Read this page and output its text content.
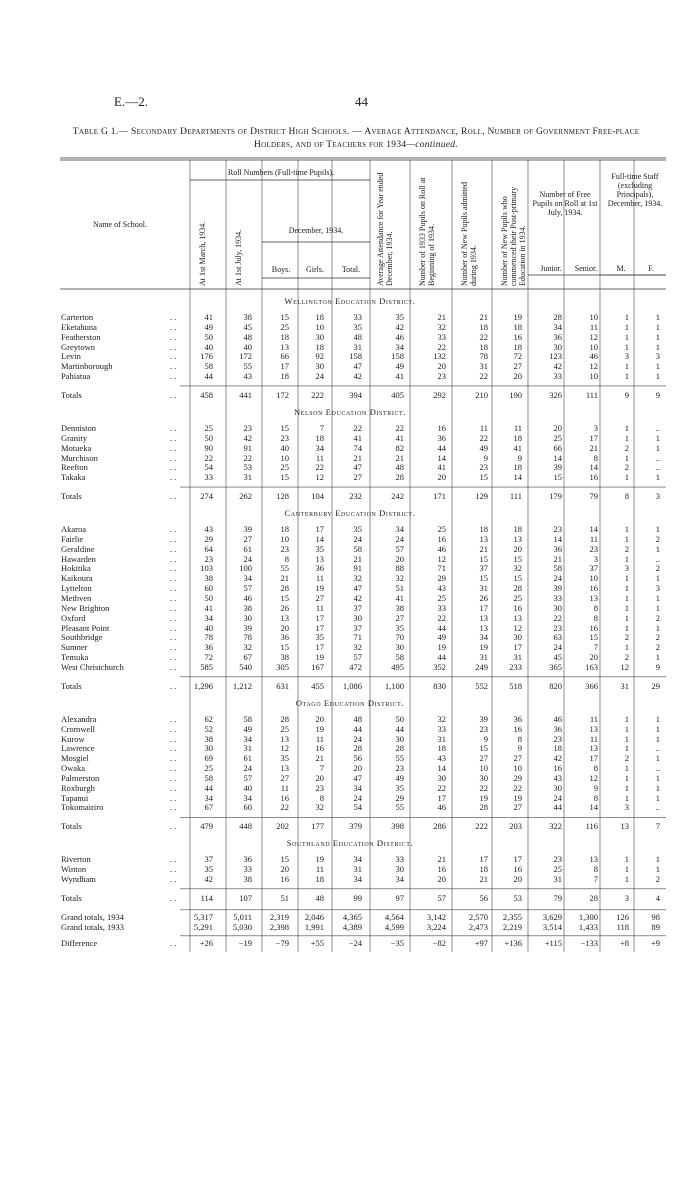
E.—2.	44
Table G 1.— Secondary Departments of District High Schools. — Average Attendance, Roll, Number of Government Free-place Holders, and of Teachers for 1934—continued.
Name of School.
Roll Numbers (Full-time Pupils).
At 1st March, 1934.	At 1st July, 1934.	December, 1934.
Boys.	Girls.	Total.	Average Attendance for Year ended December, 1934.	Number of 1933 Pupils on Roll at Beginning of 1934.	Number of New Pupils admitted during 1934.	Number of New Pupils who commenced their Post-primary Education in 1934.
Number of Free Pupils on Roll at 1st July, 1934.
Junior.	Senior.
Full-time Staff (excluding Principals), December, 1934.
M.	F.
Wellington Education District.
Carterton	..	41	38	15	18	33	35	21	21	19	28	10	1	1
Eketahuna	..	49	45	25	10	35	42	32	18	18	34	11	1	1
Featherston	..	50	48	18	30	48	46	33	22	16	36	12	1	1
Greytown	..	40	40	13	18	31	34	22	18	18	30	10	1	1
Levin	..	176	172	66	92	158	158	132	78	72	123	46	3	3
Martinborough	..	58	55	17	30	47	49	20	31	27	42	12	1	1
Pahiatua	..	44	43	18	24	42	41	23	22	20	33	10	1	1
Totals	..	458	441	172	222	394	405	292	210	190	326	111	9	9
Nelson Education District.
Denniston	..	25	23	15	7	22	22	16	11	11	20	3	1	..
Granity	..	50	42	23	18	41	41	36	22	18	25	17	1	1
Motueka	..	90	91	40	34	74	82	44	49	41	66	21	2	1
Murchison	..	22	22	10	11	21	21	14	9	9	14	8	1	..
Reefton	..	54	53	25	22	47	48	41	23	18	39	14	2	..
Takaka	..	33	31	15	12	27	28	20	15	14	15	16	1	1
Totals	..	274	262	128	104	232	242	171	129	111	179	79	8	3
Canterbury Education District.
Akaroa	..	43	39	18	17	35	34	25	18	18	23	14	1	1
Fairlie	..	29	27	10	14	24	24	16	13	13	14	11	1	2
Geraldine	..	64	61	23	35	58	57	46	21	20	36	23	2	1
Hawarden	..	23	24	8	13	21	20	12	15	15	21	3	1	..
Hokitika	..	103	100	55	36	91	88	71	37	32	58	37	3	2
Kaikoura	..	38	34	21	11	32	32	29	15	15	24	10	1	1
Lyttelton	..	60	57	28	19	47	51	43	31	28	39	16	1	3
Methven	..	50	46	15	27	42	41	25	26	25	33	13	1	1
New Brighton	..	41	38	26	11	37	38	33	17	16	30	8	1	1
Oxford	..	34	30	13	17	30	27	22	13	13	22	8	1	2
Pleasant Point	..	40	39	20	17	37	35	44	13	12	23	16	1	1
Southbridge	..	78	78	36	35	71	70	49	34	30	63	15	2	2
Sumner	..	36	32	15	17	32	30	19	19	17	24	7	1	2
Temuka	..	72	67	38	19	57	58	44	31	31	45	20	2	1
West Christchurch	..	585	540	305	167	472	495	352	249	233	365	163	12	9
Totals	.. 1,296 1,212	631	455 1,086	1,100	830	552	518	820	366	31	29
Otago Education District.
Alexandra	..	62	58	28	20	48	50	32	39	36	46	11	1	1
Cromwell	..	52	49	25	19	44	44	33	23	16	36	13	1	1
Kurow	..	38	34	13	11	24	30	31	9	8	23	11	1	1
Lawrence	..	30	31	12	16	28	28	18	15	9	18	13	1	..
Mosgiel	..	69	61	35	21	56	55	43	27	27	42	17	2	1
Owaka	..	25	24	13	7	20	23	14	10	10	16	8	1	..
Palmerston	..	58	57	27	20	47	49	30	30	29	43	12	1	1
Roxburgh	..	44	40	11	23	34	35	22	22	22	30	9	1	1
Tapanui	..	34	34	16	8	24	29	17	19	19	24	8	1	1
Tokomairiro	..	67	60	22	32	54	55	46	28	27	44	14	3	..
Totals	..	479	448	202	177	379	398	286	222	203	322	116	13	7
Southland Education District.
Riverton	..	37	36	15	19	34	33	21	17	17	23	13	1	1
Winton	..	35	33	20	11	31	30	16	18	16	25	8	1	1
Wyndham	..	42	38	16	18	34	34	20	21	20	31	7	1	2
Totals	..	114	107	51	48	99	97	57	56	53	79	28	3	4
Grand totals, 1934	5,317 5,011 2,319 2,046 4,365	4,564	3,142	2,570 2,355 3,629 1,300 126	98
Grand totals, 1933	5,291 5,030 2,398 1,991 4,389	4,599	3,224	2,473 2,219 3,514 1,433 118	89
Difference	..	+26	−19	−79	+55	−24	−35	−82	+97 +136	+115 −133	+8	+9
